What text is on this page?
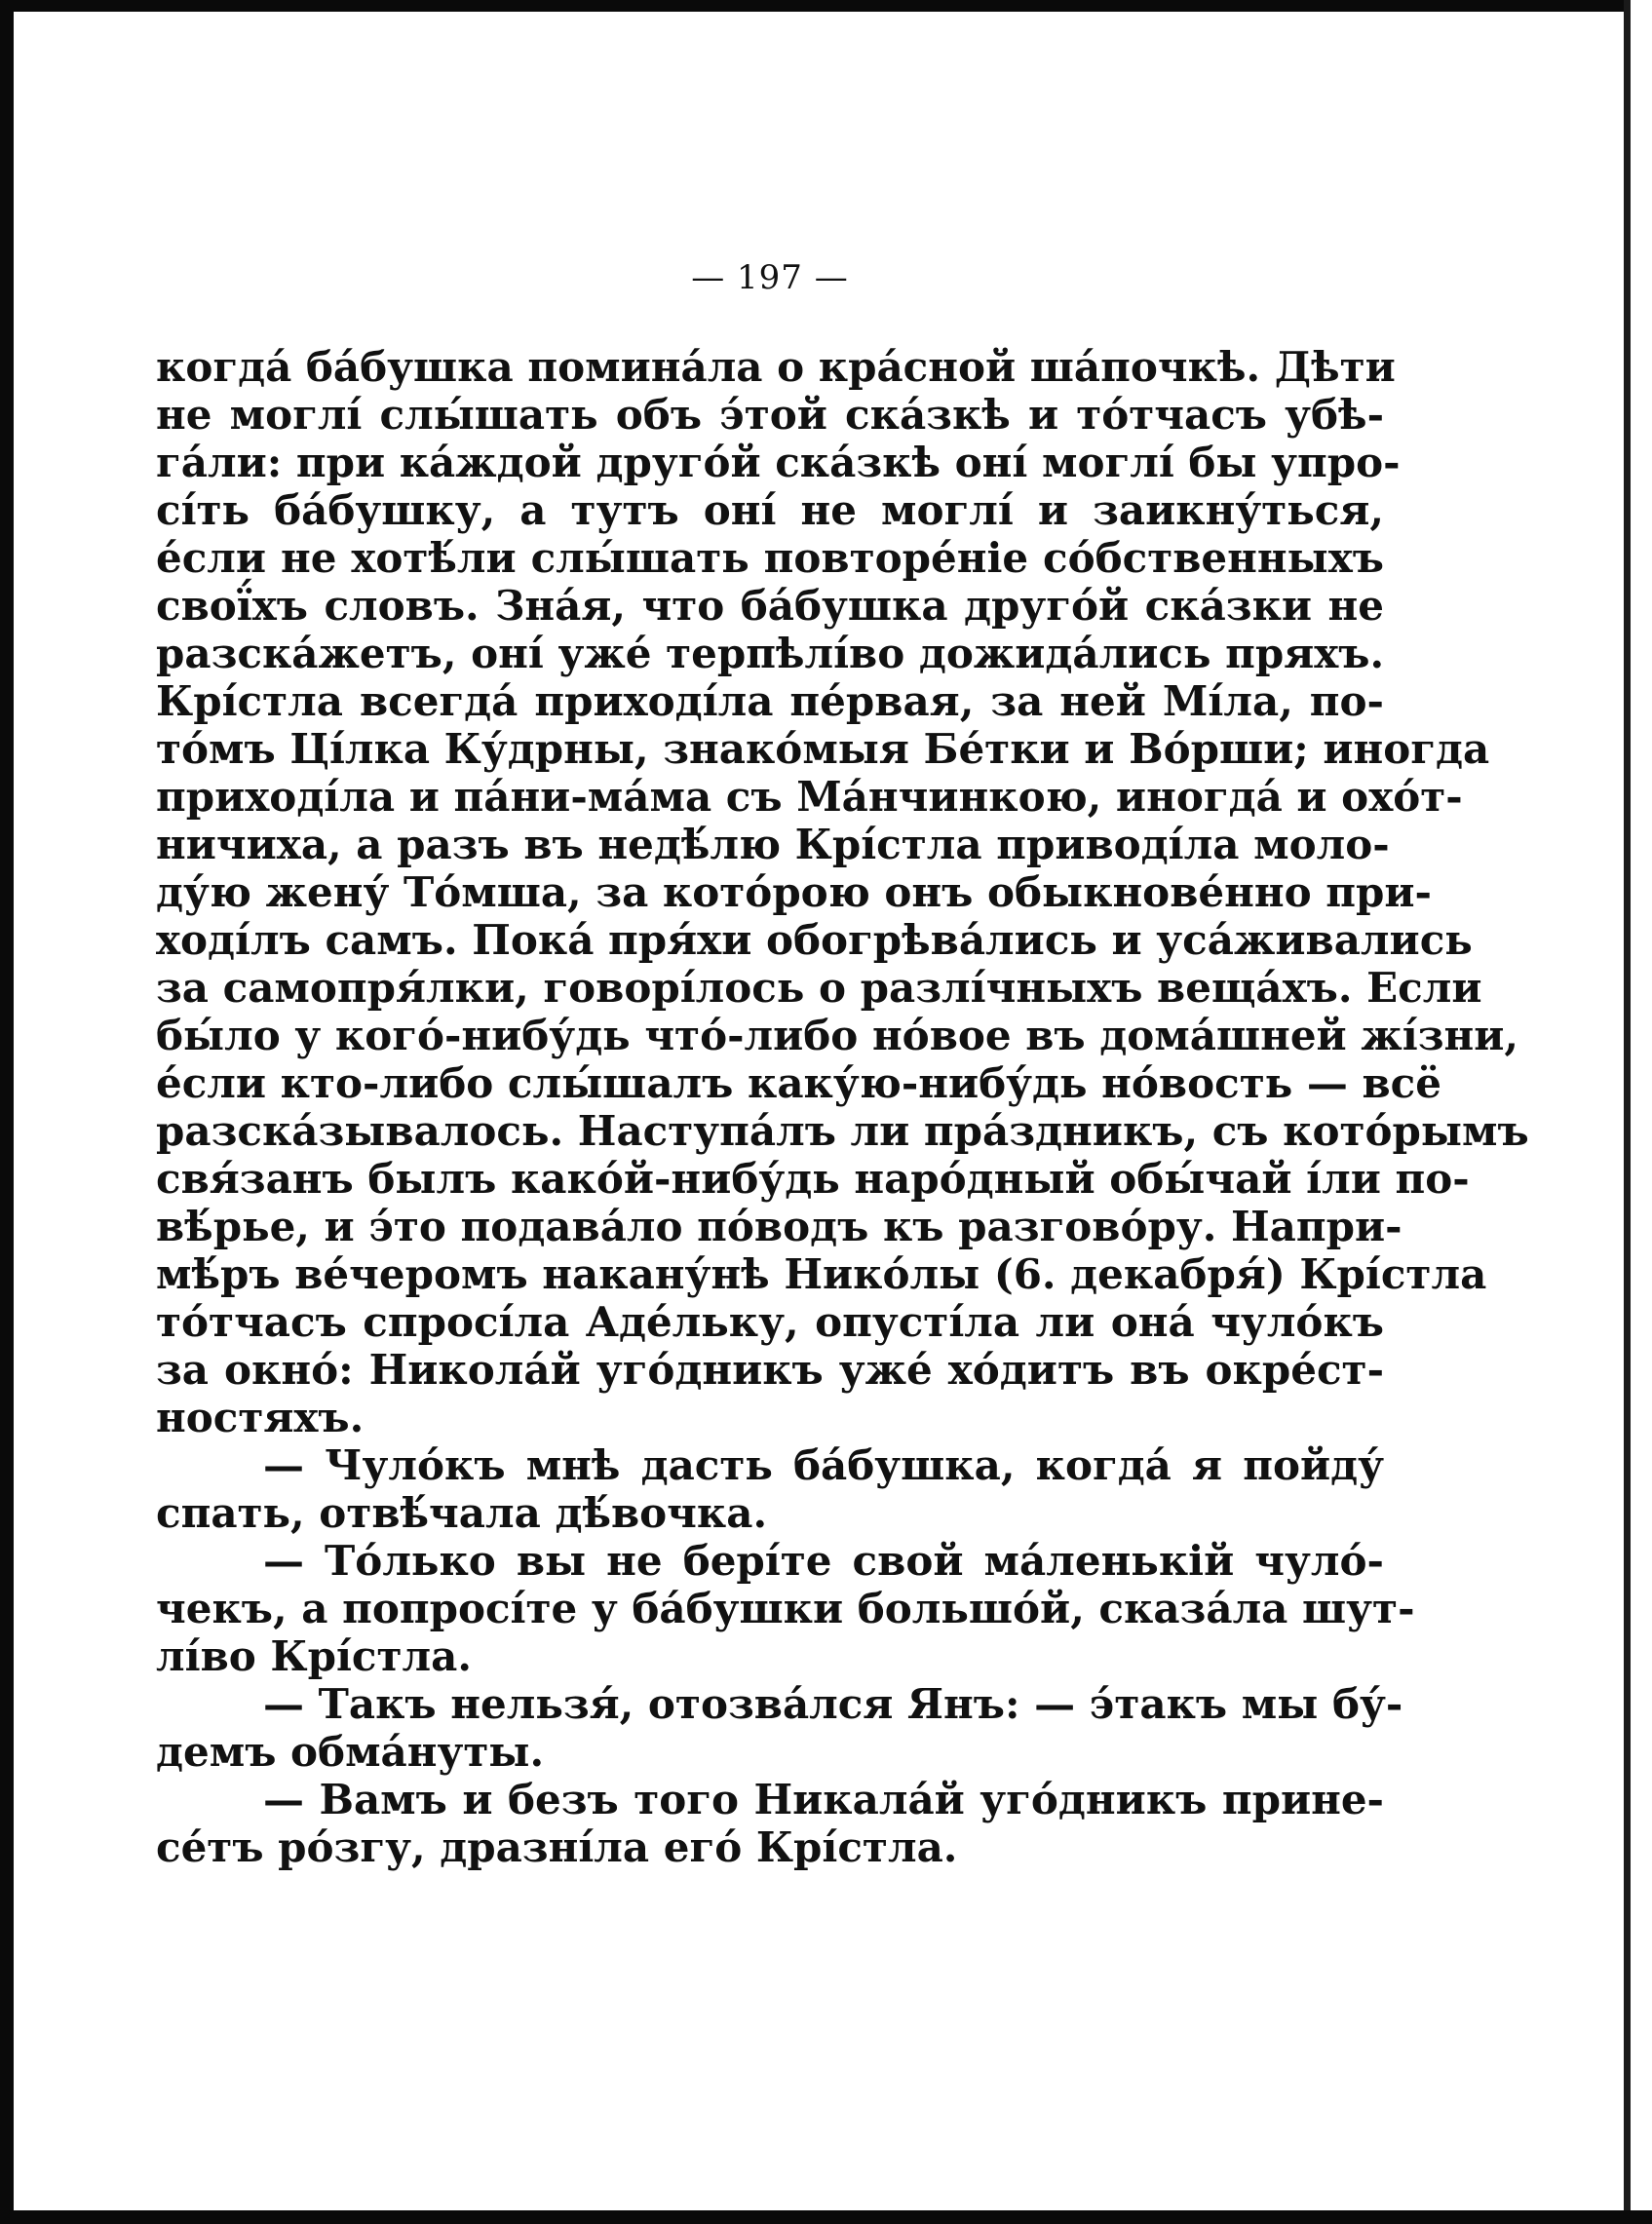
— 197 —
когда́ ба́бушка помина́ла о кра́сной ша́почкѣ. Дѣти
не моглі́ слы́шать объ э́той ска́зкѣ и то́тчасъ убѣ-
га́ли: при ка́ждой друго́й ска́зкѣ оні́ моглі́ бы упро-
сі́ть ба́бушку, а тутъ оні́ не моглі́ и заикну́ться,
е́сли не хотѣ́ли слы́шать повторе́ніе со́бственныхъ
свої́хъ словъ. Зна́я, что ба́бушка друго́й ска́зки не
разска́жетъ, оні́ уже́ терпѣлі́во дожида́лись пряхъ.
Крі́стла всегда́ приході́ла пе́рвая, за ней Мі́ла, по-
то́мъ Ці́лка Ку́дрны, знако́мыя Бе́тки и Во́рши; иногда
приході́ла и па́ни-ма́ма съ Ма́нчинкою, иногда́ и охо́т-
ничиха, а разъ въ недѣ́лю Крі́стла приводі́ла моло-
ду́ю жену́ То́мша, за кото́рою онъ обыкнове́нно при-
ході́лъ самъ. Пока́ пря́хи обогрѣва́лись и уса́живались
за самопря́лки, говорі́лось о разлі́чныхъ веща́хъ. Если
бы́ло у кого́-нибу́дь что́-либо но́вое въ дома́шней жі́зни,
е́сли кто-либо слы́шалъ каку́ю-нибу́дь но́вость — всё
разска́зывалось. Наступа́лъ ли пра́здникъ, съ кото́рымъ
свя́занъ былъ како́й-нибу́дь наро́дный обы́чай і́ли по-
вѣ́рье, и э́то подава́ло по́водъ къ разгово́ру. Напри-
мѣ́ръ ве́черомъ накану́нѣ Нико́лы (6. декабря́) Крі́стла
то́тчасъ спросі́ла Аде́льку, опусті́ла ли она́ чуло́къ
за окно́: Никола́й уго́дникъ уже́ хо́дитъ въ окре́ст-
ностяхъ.
— Чуло́къ мнѣ дасть ба́бушка, когда́ я пойду́
спать, отвѣ́чала дѣ́вочка.
— То́лько вы не бері́те свой ма́ленькій чуло́-
чекъ, а попросі́те у ба́бушки большо́й, сказа́ла шут-
лі́во Крі́стла.
— Такъ нельзя́, отозва́лся Янъ: — э́такъ мы бу́-
демъ обма́нуты.
— Вамъ и безъ того Никала́й уго́дникъ прине-
се́тъ ро́згу, дразні́ла его́ Крі́стла.
